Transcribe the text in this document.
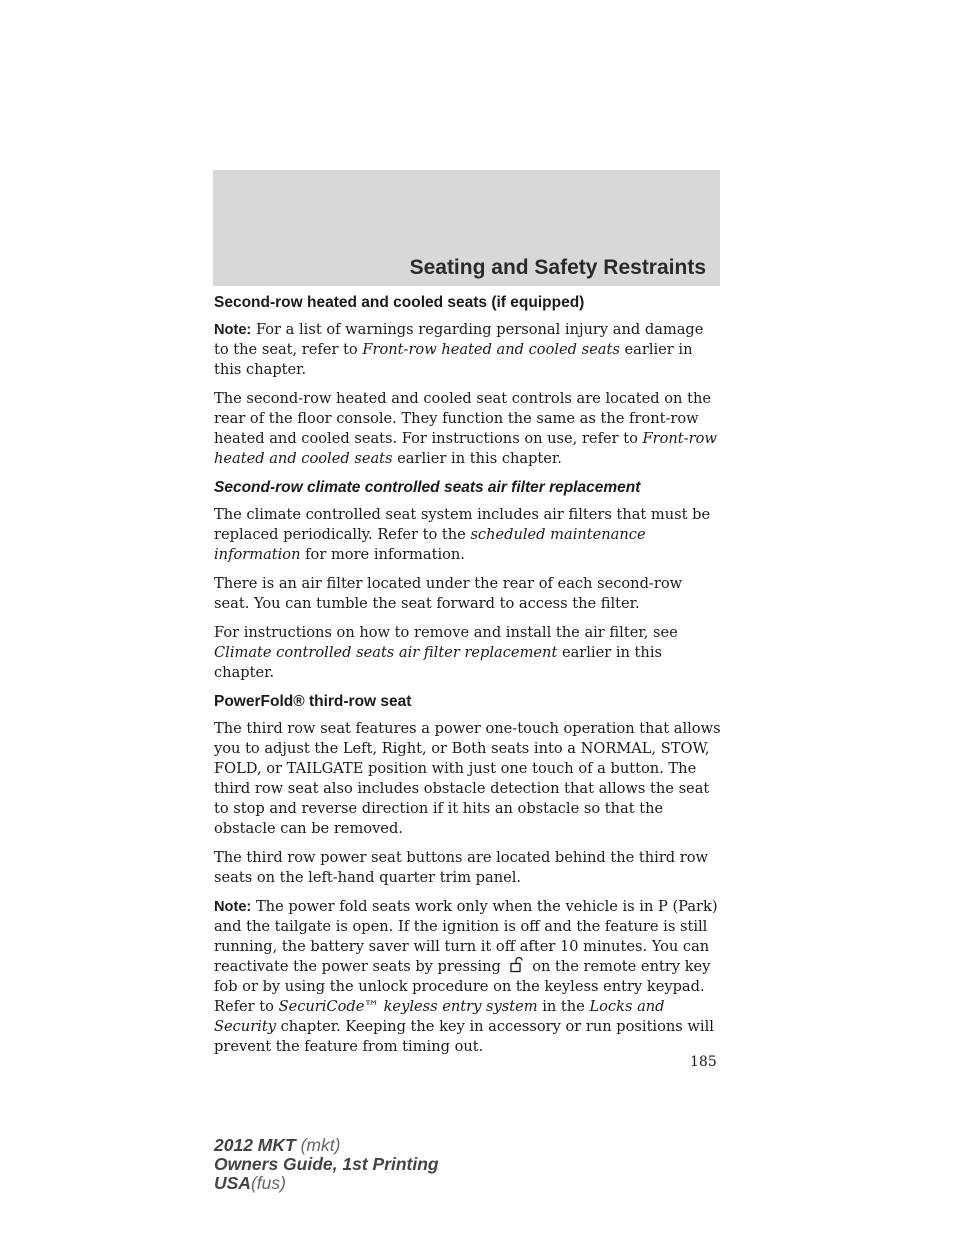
Seating and Safety Restraints
Second-row heated and cooled seats (if equipped)

Note: For a list of warnings regarding personal injury and damage to the seat, refer to Front-row heated and cooled seats earlier in this chapter.

The second-row heated and cooled seat controls are located on the rear of the floor console. They function the same as the front-row heated and cooled seats. For instructions on use, refer to Front-row heated and cooled seats earlier in this chapter.

Second-row climate controlled seats air filter replacement

The climate controlled seat system includes air filters that must be replaced periodically. Refer to the scheduled maintenance information for more information.

There is an air filter located under the rear of each second-row seat. You can tumble the seat forward to access the filter.

For instructions on how to remove and install the air filter, see Climate controlled seats air filter replacement earlier in this chapter.

PowerFold® third-row seat

The third row seat features a power one-touch operation that allows you to adjust the Left, Right, or Both seats into a NORMAL, STOW, FOLD, or TAILGATE position with just one touch of a button. The third row seat also includes obstacle detection that allows the seat to stop and reverse direction if it hits an obstacle so that the obstacle can be removed.

The third row power seat buttons are located behind the third row seats on the left-hand quarter trim panel.

Note: The power fold seats work only when the vehicle is in P (Park) and the tailgate is open. If the ignition is off and the feature is still running, the battery saver will turn it off after 10 minutes. You can reactivate the power seats by pressing on the remote entry key fob or by using the unlock procedure on the keyless entry keypad. Refer to SecuriCode™ keyless entry system in the Locks and Security chapter. Keeping the key in accessory or run positions will prevent the feature from timing out.

185
2012 MKT (mkt)
Owners Guide, 1st Printing
USA(fus)
